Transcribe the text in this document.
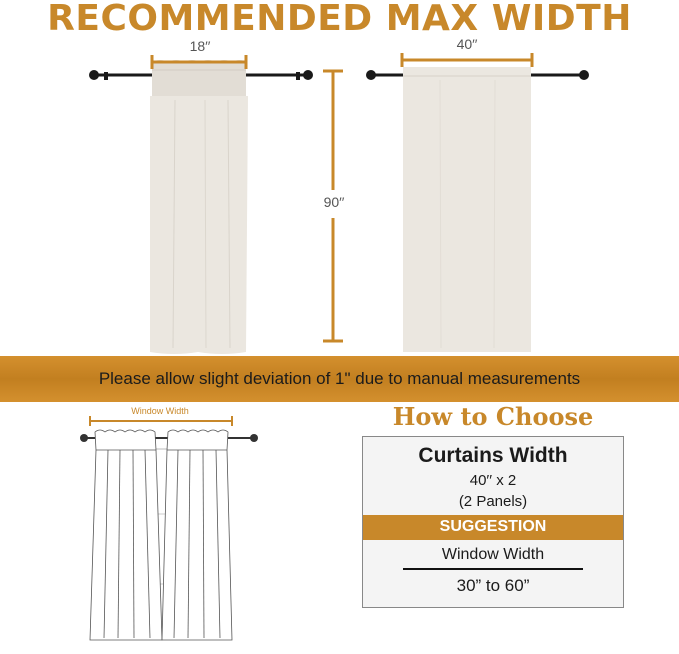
RECOMMENDED MAX WIDTH
18′′	40′′
90′′
Please allow slight deviation of 1" due to manual measurements
Window Width	How to Choose
Curtains Width
40′′ x 2
(2 Panels)
SUGGESTION
Window Width
30” to 60”
